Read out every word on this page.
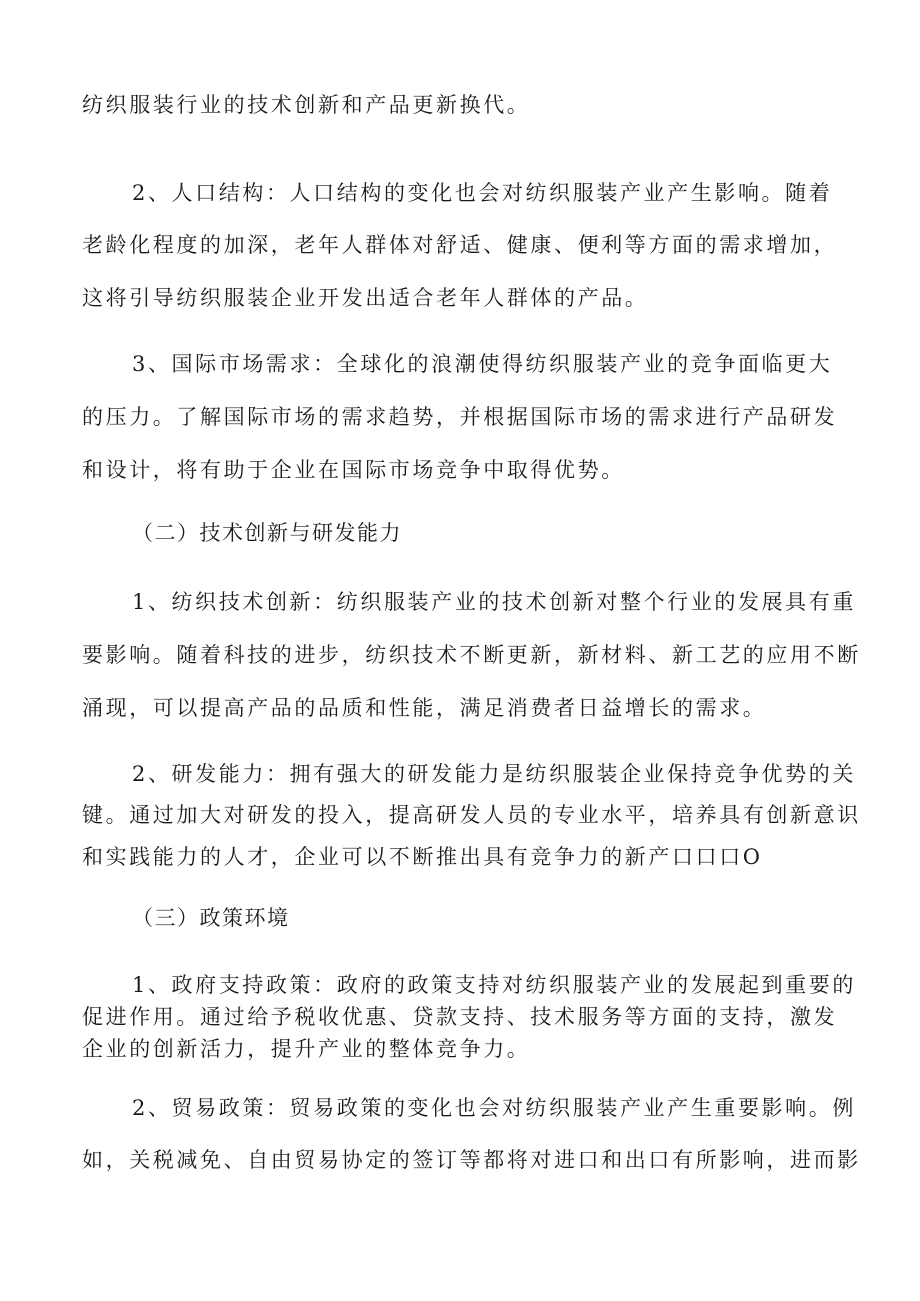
纺织服装行业的技术创新和产品更新换代。
2、人口结构：人口结构的变化也会对纺织服装产业产生影响。随着
老龄化程度的加深，老年人群体对舒适、健康、便利等方面的需求增加，
这将引导纺织服装企业开发出适合老年人群体的产品。
3、国际市场需求：全球化的浪潮使得纺织服装产业的竞争面临更大
的压力。了解国际市场的需求趋势，并根据国际市场的需求进行产品研发
和设计，将有助于企业在国际市场竞争中取得优势。
（二）技术创新与研发能力
1、纺织技术创新：纺织服装产业的技术创新对整个行业的发展具有重
要影响。随着科技的进步，纺织技术不断更新，新材料、新工艺的应用不断
涌现，可以提高产品的品质和性能，满足消费者日益增长的需求。
2、研发能力：拥有强大的研发能力是纺织服装企业保持竞争优势的关
键。通过加大对研发的投入，提高研发人员的专业水平，培养具有创新意识
和实践能力的人才，企业可以不断推出具有竞争力的新产口口口O
（三）政策环境
1、政府支持政策：政府的政策支持对纺织服装产业的发展起到重要的
促进作用。通过给予税收优惠、贷款支持、技术服务等方面的支持，激发
企业的创新活力，提升产业的整体竞争力。
2、贸易政策：贸易政策的变化也会对纺织服装产业产生重要影响。例
如，关税减免、自由贸易协定的签订等都将对进口和出口有所影响，进而影
